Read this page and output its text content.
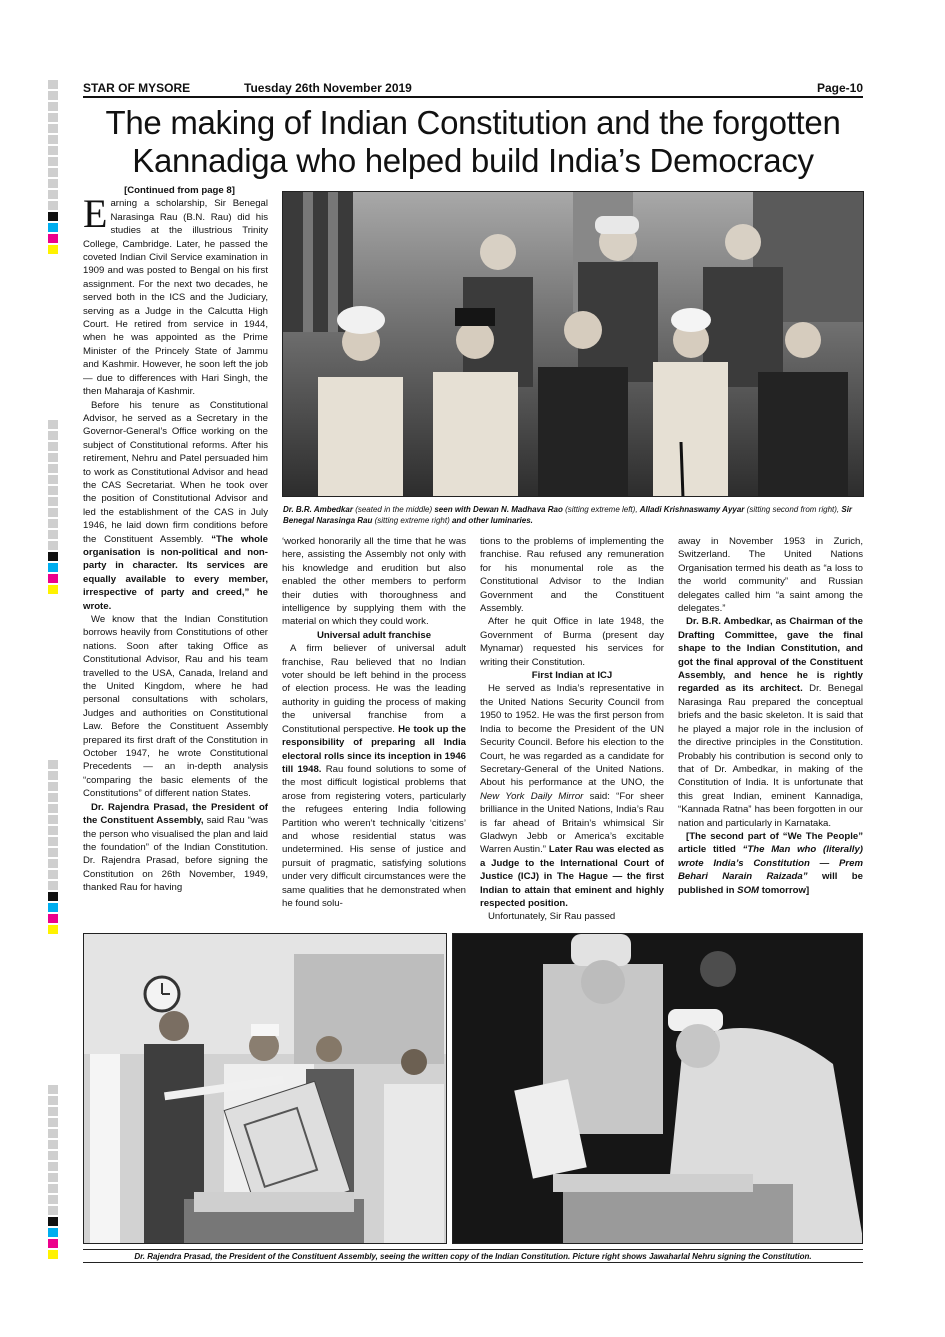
STAR OF MYSORE	Tuesday 26th November 2019	Page-10
The making of Indian Constitution and the forgotten
Kannadiga who helped build India’s Democracy

[Continued from page 8]

Earning a scholarship, Sir Benegal Narasinga Rau (B.N. Rau) did his studies at the illustrious Trinity College, Cambridge. Later, he passed the coveted Indian Civil Service examination in 1909 and was posted to Bengal on his first assignment. For the next two decades, he served both in the ICS and the Judiciary, serving as a Judge in the Calcutta High Court. He retired from service in 1944, when he was appointed as the Prime Minister of the Princely State of Jammu and Kashmir. However, he soon left the job — due to differences with Hari Singh, the then Maharaja of Kashmir.

Before his tenure as Constitutional Advisor, he served as a Secretary in the Governor-General’s Office working on the subject of Constitutional reforms. After his retirement, Nehru and Patel persuaded him to work as Constitutional Advisor and head the CAS Secretariat. When he took over the position of Constitutional Advisor and led the establishment of the CAS in July 1946, he laid down firm conditions before the Constituent Assembly. “The whole organisation is non-political and non-party in character. Its services are equally available to every member, irrespective of party and creed,” he wrote.

We know that the Indian Constitution borrows heavily from Constitutions of other nations. Soon after taking Office as Constitutional Advisor, Rau and his team travelled to the USA, Canada, Ireland and the United Kingdom, where he had personal consultations with scholars, Judges and authorities on Constitutional Law. Before the Constituent Assembly prepared its first draft of the Constitution in October 1947, he wrote Constitutional Precedents — an in-depth analysis “comparing the basic elements of the Constitutions” of different nation States.

Dr. Rajendra Prasad, the President of the Constituent Assembly, said Rau “was the person who visualised the plan and laid the foundation” of the Indian Constitution. Dr. Rajendra Prasad, before signing the Constitution on 26th November, 1949, thanked Rau for having

Dr. B.R. Ambedkar (seated in the middle) seen with Dewan N. Madhava Rao (sitting extreme left), Alladi Krishnaswamy Ayyar (sitting second from right), Sir Benegal Narasinga Rau (sitting extreme right) and other luminaries.

‘worked honorarily all the time that he was here, assisting the Assembly not only with his knowledge and erudition but also enabled the other members to perform their duties with thoroughness and intelligence by supplying them with the material on which they could work.

Universal adult franchise

A firm believer of universal adult franchise, Rau believed that no Indian voter should be left behind in the process of election process. He was the leading authority in guiding the process of making the universal franchise from a Constitutional perspective. He took up the responsibility of preparing all India electoral rolls since its inception in 1946 till 1948. Rau found solutions to some of the most difficult logistical problems that arose from registering voters, particularly the refugees entering India following Partition who weren’t technically ‘citizens’ and whose residential status was undetermined. His sense of justice and pursuit of pragmatic, satisfying solutions under very difficult circumstances were the same qualities that he demonstrated when he found solu-

tions to the problems of implementing the franchise. Rau refused any remuneration for his monumental role as the Constitutional Advisor to the Indian Government and the Constituent Assembly.

After he quit Office in late 1948, the Government of Burma (present day Mynamar) requested his services for writing their Constitution.

First Indian at ICJ

He served as India’s representative in the United Nations Security Council from 1950 to 1952. He was the first person from India to become the President of the UN Security Council. Before his election to the Court, he was regarded as a candidate for Secretary-General of the United Nations. About his performance at the UNO, the New York Daily Mirror said: “For sheer brilliance in the United Nations, India’s Rau is far ahead of Britain’s whimsical Sir Gladwyn Jebb or America’s excitable Warren Austin.” Later Rau was elected as a Judge to the International Court of Justice (ICJ) in The Hague — the first Indian to attain that eminent and highly respected position.

Unfortunately, Sir Rau passed

away in November 1953 in Zurich, Switzerland. The United Nations Organisation termed his death as “a loss to the world community” and Russian delegates called him “a saint among the delegates.”

Dr. B.R. Ambedkar, as Chairman of the Drafting Committee, gave the final shape to the Indian Constitution, and got the final approval of the Constituent Assembly, and hence he is rightly regarded as its architect. Dr. Benegal Narasinga Rau prepared the conceptual briefs and the basic skeleton. It is said that he played a major role in the inclusion of the directive principles in the Constitution. Probably his contribution is second only to that of Dr. Ambedkar, in making of the Constitution of India. It is unfortunate that this great Indian, eminent Kannadiga, “Kannada Ratna” has been forgotten in our nation and particularly in Karnataka.

[The second part of “We The People” article titled “The Man who (literally) wrote India’s Constitution — Prem Behari Narain Raizada” will be published in SOM tomorrow]

Dr. Rajendra Prasad, the President of the Constituent Assembly, seeing the written copy of the Indian Constitution. Picture right shows Jawaharlal Nehru signing the Constitution.
